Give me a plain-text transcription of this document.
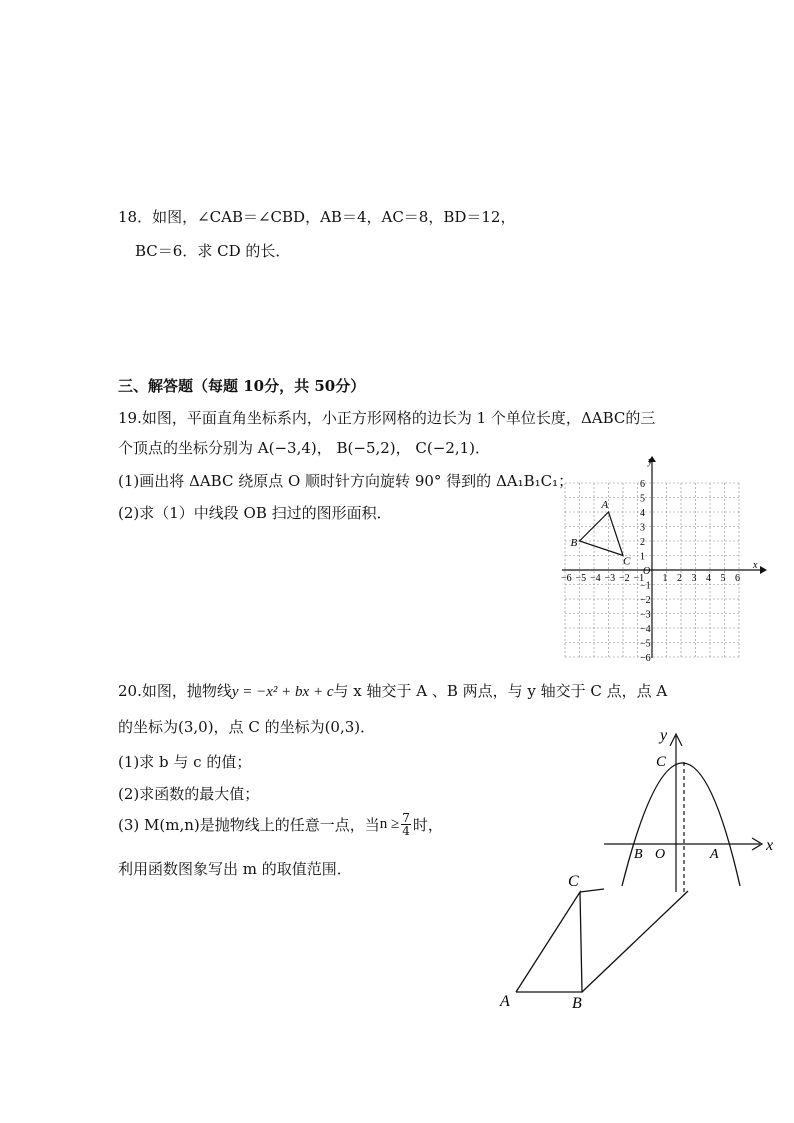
18．如图，∠CAB＝∠CBD，AB＝4，AC＝8，BD＝12，
BC＝6．求 CD 的长．
三、解答题（每题 10分，共 50分）
19.如图，平面直角坐标系内，小正方形网格的边长为 1 个单位长度，ΔABC的三
个顶点的坐标分别为 A(−3,4)， B(−5,2)， C(−2,1)．
(1)画出将 ΔABC 绕原点 O 顺时针方向旋转 90° 得到的 ΔA₁B₁C₁；
(2)求（1）中线段 OB 扫过的图形面积．
x
y
−6 −5 −4 −3 −2 −1 1 2 3 4 5 6
6
5
4
3
2
1
−1
−2
−3
−4
−5
−6
O
A
B
C
20.如图，抛物线y = −x² + bx + c与 x 轴交于 A 、B 两点，与 y 轴交于 C 点，点 A
的坐标为(3,0)，点 C 的坐标为(0,3)．
(1)求 b 与 c 的值；
(2)求函数的最大值；
(3) M(m,n)是抛物线上的任意一点，当$n \ge \frac{7}{4}$ 时，
利用函数图象写出 m 的取值范围．
x
y
C
B O	A
C
A	B
